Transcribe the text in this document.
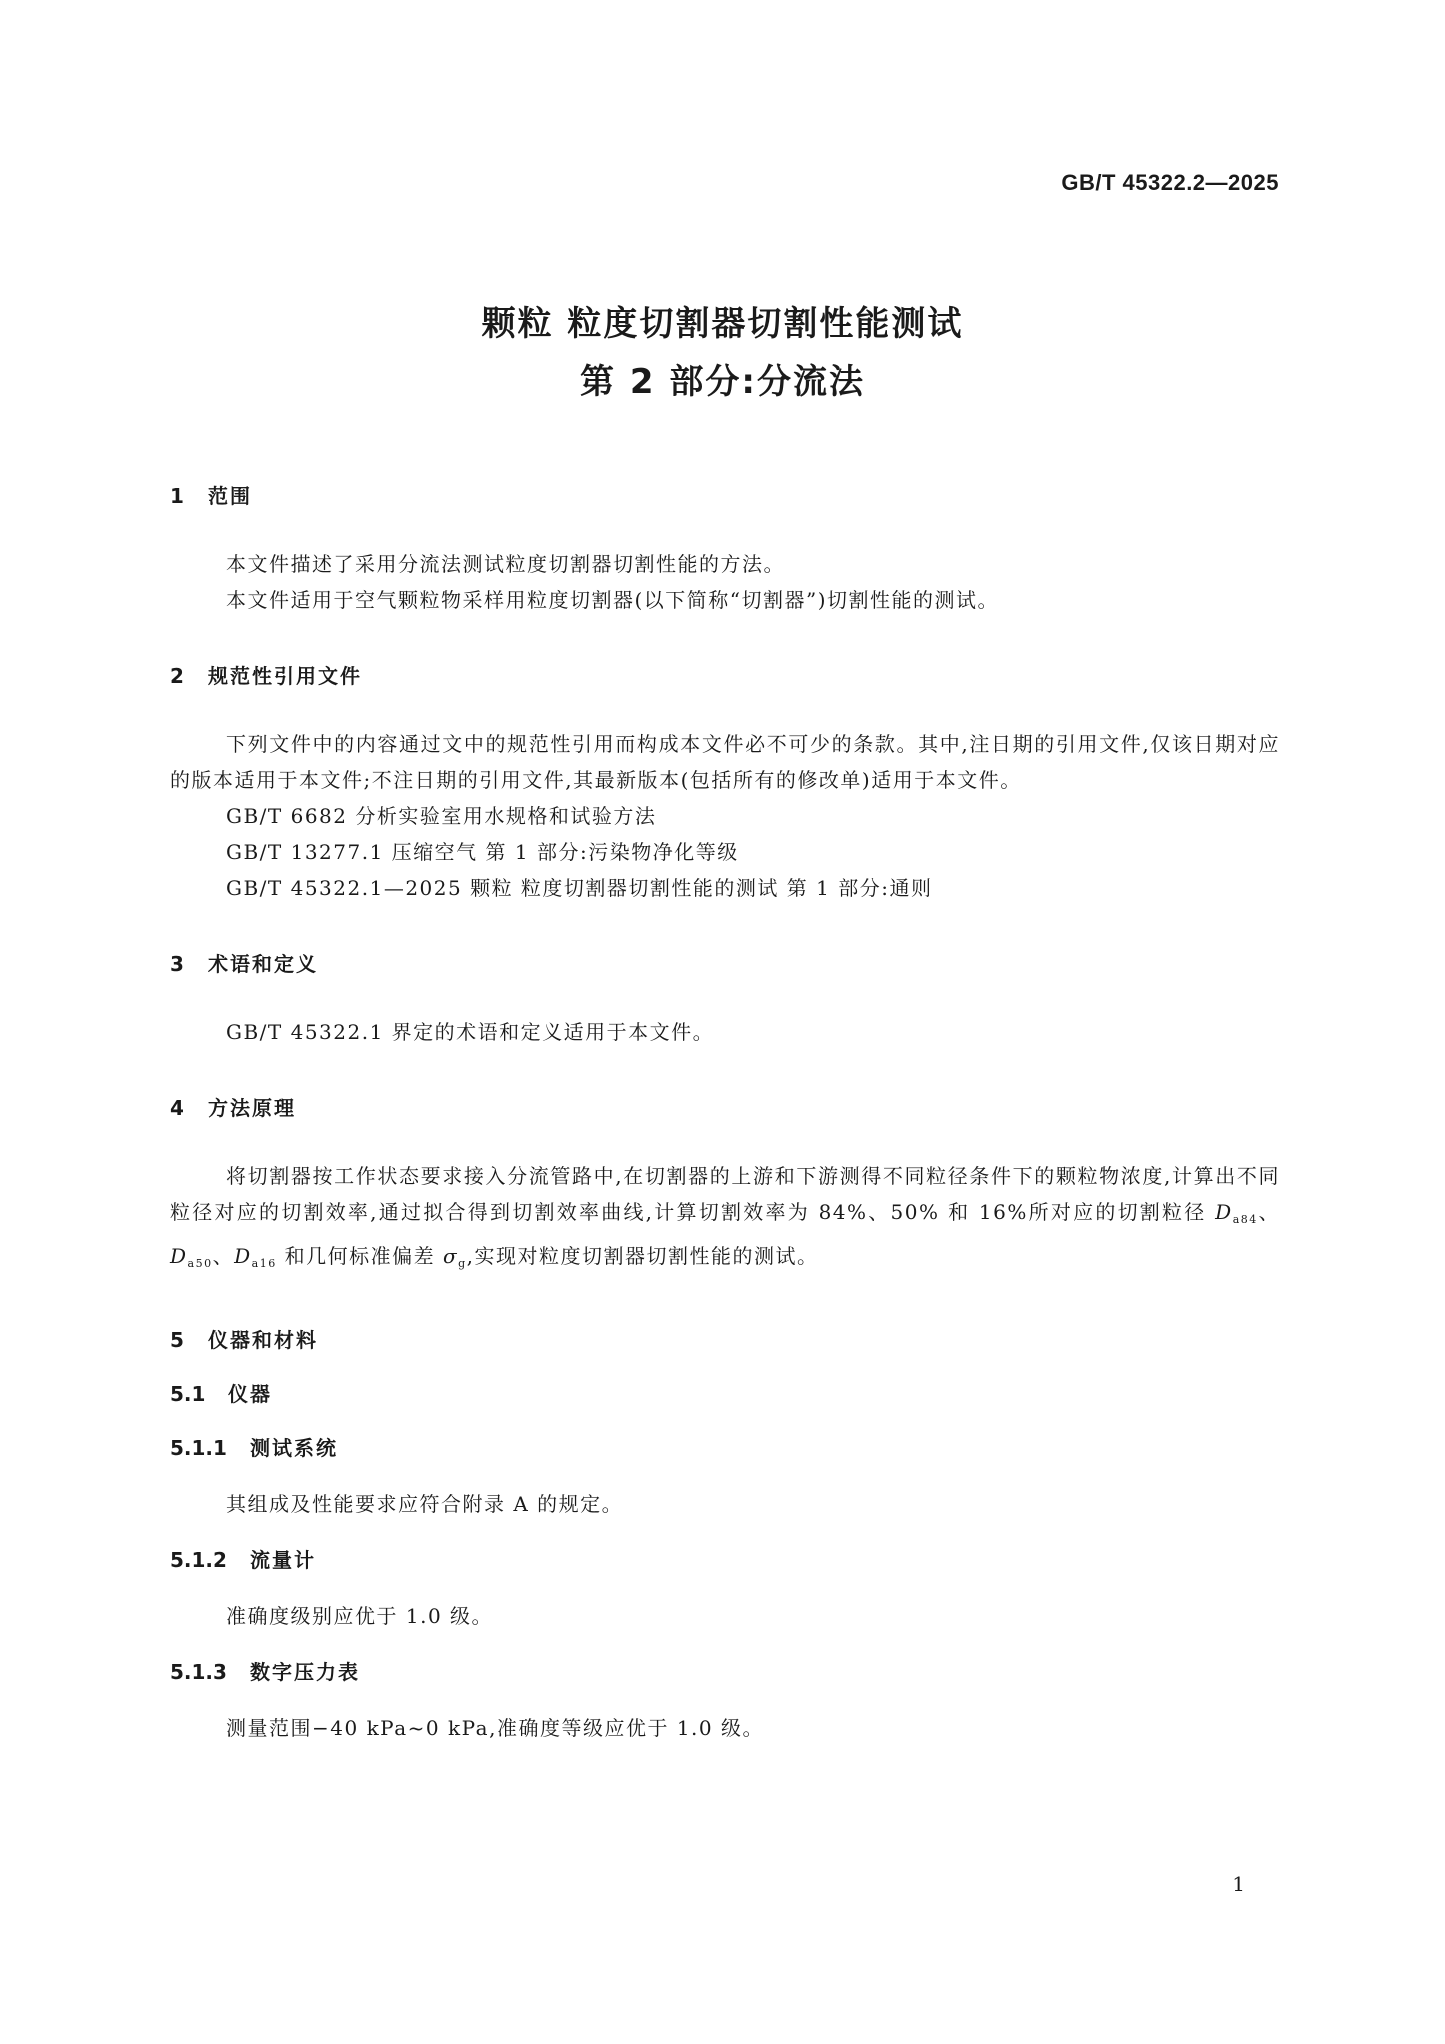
GB/T 45322.2—2025
颗粒 粒度切割器切割性能测试
第 2 部分:分流法
1 范围

本文件描述了采用分流法测试粒度切割器切割性能的方法。

本文件适用于空气颗粒物采样用粒度切割器(以下简称“切割器”)切割性能的测试。

2 规范性引用文件

下列文件中的内容通过文中的规范性引用而构成本文件必不可少的条款。其中,注日期的引用文件,仅该日期对应的版本适用于本文件;不注日期的引用文件,其最新版本(包括所有的修改单)适用于本文件。

GB/T 6682 分析实验室用水规格和试验方法

GB/T 13277.1 压缩空气 第 1 部分:污染物净化等级

GB/T 45322.1—2025 颗粒 粒度切割器切割性能的测试 第 1 部分:通则

3 术语和定义

GB/T 45322.1 界定的术语和定义适用于本文件。

4 方法原理

将切割器按工作状态要求接入分流管路中,在切割器的上游和下游测得不同粒径条件下的颗粒物浓度,计算出不同粒径对应的切割效率,通过拟合得到切割效率曲线,计算切割效率为 84%、50% 和 16%所对应的切割粒径 $D_{a84}$、$D_{a50}$、$D_{a16}$ 和几何标准偏差 $\sigma_g$,实现对粒度切割器切割性能的测试。

5 仪器和材料
5.1 仪器
5.1.1 测试系统

其组成及性能要求应符合附录 A 的规定。

5.1.2 流量计

准确度级别应优于 1.0 级。

5.1.3 数字压力表

测量范围−40 kPa~0 kPa,准确度等级应优于 1.0 级。

1
